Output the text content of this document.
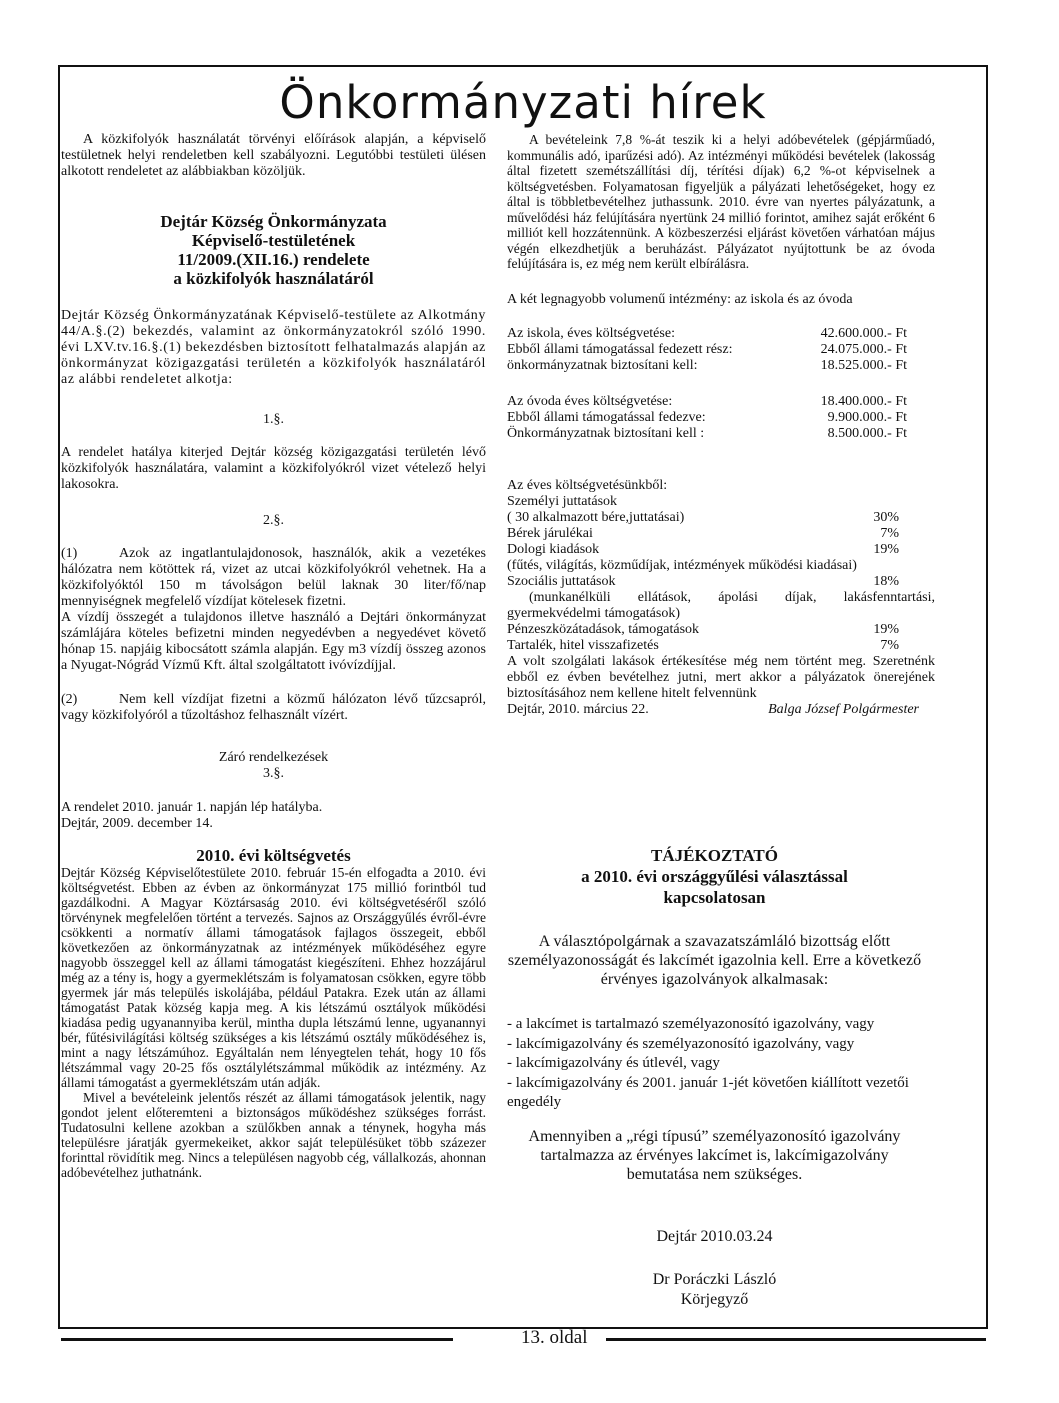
Önkormányzati hírek

A közkifolyók használatát törvényi előírások alapján, a képviselő testületnek helyi rendeletben kell szabályozni. Legutóbbi testületi ülésen alkotott rendeletet az alábbiakban közöljük.

Dejtár Község Önkormányzata
Képviselő-testületének
11/2009.(XII.16.) rendelete
a közkifolyók használatáról

Dejtár Község Önkormányzatának Képviselő-testülete az Alkotmány 44/A.§.(2) bekezdés, valamint az önkormányzatokról szóló 1990. évi LXV.tv.16.§.(1) bekezdésben biztosított felhatalmazás alapján az önkormányzat közigazgatási területén a közkifolyók használatáról az alábbi rendeletet alkotja:

1.§.

A rendelet hatálya kiterjed Dejtár község közigazgatási területén lévő közkifolyók használatára, valamint a közkifolyókról vizet vételező helyi lakosokra.

2.§.

(1)	Azok az ingatlantulajdonosok, használók, akik a vezetékes hálózatra nem kötöttek rá, vizet az utcai közkifolyókról vehetnek. Ha a közkifolyóktól 150 m távolságon belül laknak 30 liter/fő/nap mennyiségnek megfelelő vízdíjat kötelesek fizetni.

A vízdíj összegét a tulajdonos illetve használó a Dejtári önkormányzat számlájára köteles befizetni minden negyedévben a negyedévet követő hónap 15. napjáig kibocsátott számla alapján. Egy m3 vízdíj összeg azonos a Nyugat-Nógrád Vízmű Kft. által szolgáltatott ivóvízdíjjal.

(2)	Nem kell vízdíjat fizetni a közmű hálózaton lévő tűzcsapról, vagy közkifolyóról a tűzoltáshoz felhasznált vízért.

Záró rendelkezések

3.§.

A rendelet 2010. január 1. napján lép hatályba.

Dejtár, 2009. december 14.

2010. évi költségvetés

Dejtár Község Képviselőtestülete 2010. február 15-én elfogadta a 2010. évi költségvetést. Ebben az évben az önkormányzat 175 millió forintból tud gazdálkodni. A Magyar Köztársaság 2010. évi költségvetéséről szóló törvénynek megfelelően történt a tervezés. Sajnos az Országgyűlés évről-évre csökkenti a normatív állami támogatások fajlagos összegeit, ebből következően az önkormányzatnak az intézmények működéséhez egyre nagyobb összeggel kell az állami támogatást kiegészíteni. Ehhez hozzájárul még az a tény is, hogy a gyermeklétszám is folyamatosan csökken, egyre több gyermek jár más település iskolájába, például Patakra. Ezek után az állami támogatást Patak község kapja meg. A kis létszámú osztályok működési kiadása pedig ugyanannyiba kerül, mintha dupla létszámú lenne, ugyanannyi bér, fűtésivilágítási költség szükséges a kis létszámú osztály működéséhez is, mint a nagy létszámúhoz. Egyáltalán nem lényegtelen tehát, hogy 10 fős létszámmal vagy 20-25 fős osztálylétszámmal működik az intézmény. Az állami támogatást a gyermeklétszám után adják.

Mivel a bevételeink jelentős részét az állami támogatások jelentik, nagy gondot jelent előteremteni a biztonságos működéshez szükséges forrást. Tudatosulni kellene azokban a szülőkben annak a ténynek, hogyha más településre járatják gyermekeiket, akkor saját településüket több százezer forinttal rövidítik meg. Nincs a településen nagyobb cég, vállalkozás, ahonnan adóbevételhez juthatnánk.

A bevételeink 7,8 %-át teszik ki a helyi adóbevételek (gépjárműadó, kommunális adó, iparűzési adó). Az intézményi működési bevételek (lakosság által fizetett szemétszállítási díj, térítési díjak) 6,2 %-ot képviselnek a költségvetésben. Folyamatosan figyeljük a pályázati lehetőségeket, hogy ez által is többletbevételhez juthassunk. 2010. évre van nyertes pályázatunk, a művelődési ház felújítására nyertünk 24 millió forintot, amihez saját erőként 6 milliót kell hozzátennünk. A közbeszerzési eljárást követően várhatóan május végén elkezdhetjük a beruházást. Pályázatot nyújtottunk be az óvoda felújítására is, ez még nem került elbírálásra.

A két legnagyobb volumenű intézmény: az iskola és az óvoda

Az iskola, éves költségvetése:	42.600.000.- Ft
Ebből állami támogatással fedezett rész:	24.075.000.- Ft
önkormányzatnak biztosítani kell:	18.525.000.- Ft
Az óvoda éves költségvetése:	18.400.000.- Ft
Ebből állami támogatással fedezve:	9.900.000.- Ft
Önkormányzatnak biztosítani kell :	8.500.000.- Ft

Az éves költségvetésünkből:

Személyi juttatások

( 30 alkalmazott bére,juttatásai)	30%
Bérek járulékai	7%
Dologi kiadások	19%

(fűtés, világítás, közműdíjak, intézmények működési kiadásai)

Szociális juttatások	18%

(munkanélküli ellátások, ápolási díjak, lakásfenntartási, gyermekvédelmi támogatások)

Pénzeszközátadások, támogatások	19%
Tartalék, hitel visszafizetés	7%

A volt szolgálati lakások értékesítése még nem történt meg. Szeretnénk ebből ez évben bevételhez jutni, mert akkor a pályázatok önerejének biztosításához nem kellene hitelt felvennünk

Dejtár, 2010. március 22.	Balga József Polgármester
TÁJÉKOZTATÓ
a 2010. évi országgyűlési választással
kapcsolatosan
A választópolgárnak a szavazatszámláló bizottság előtt személyazonosságát és lakcímét igazolnia kell. Erre a következő érvényes igazolványok alkalmasak:
- a lakcímet is tartalmazó személyazonosító igazolvány, vagy
- lakcímigazolvány és személyazonosító igazolvány, vagy
- lakcímigazolvány és útlevél, vagy
- lakcímigazolvány és 2001. január 1-jét követően kiállított vezetői engedély
Amennyiben a „régi típusú” személyazonosító igazolvány tartalmazza az érvényes lakcímet is, lakcímigazolvány bemutatása nem szükséges.
Dejtár 2010.03.24
Dr Poráczki László
Körjegyző
13. oldal
